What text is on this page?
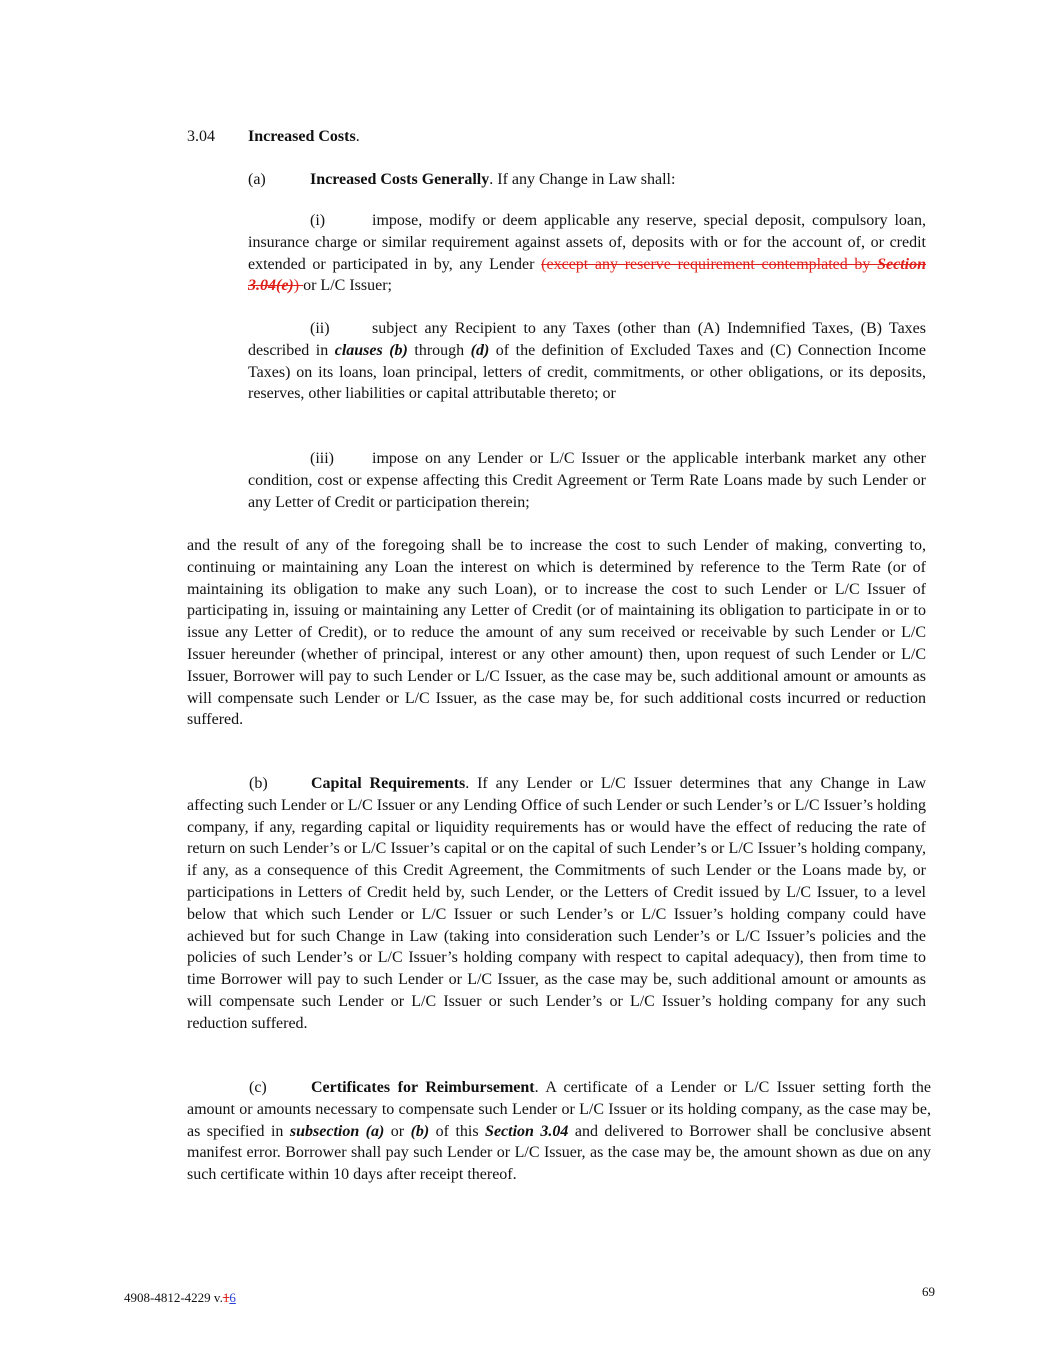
3.04 Increased Costs.
(a)	Increased Costs Generally. If any Change in Law shall:
(i)	impose, modify or deem applicable any reserve, special deposit, compulsory loan, insurance charge or similar requirement against assets of, deposits with or for the account of, or credit extended or participated in by, any Lender (except any reserve requirement contemplated by Section 3.04(e)) or L/C Issuer;
(ii)	subject any Recipient to any Taxes (other than (A) Indemnified Taxes, (B) Taxes described in clauses (b) through (d) of the definition of Excluded Taxes and (C) Connection Income Taxes) on its loans, loan principal, letters of credit, commitments, or other obligations, or its deposits, reserves, other liabilities or capital attributable thereto; or
(iii) impose on any Lender or L/C Issuer or the applicable interbank market any other condition, cost or expense affecting this Credit Agreement or Term Rate Loans made by such Lender or any Letter of Credit or participation therein;
and the result of any of the foregoing shall be to increase the cost to such Lender of making, converting to, continuing or maintaining any Loan the interest on which is determined by reference to the Term Rate (or of maintaining its obligation to make any such Loan), or to increase the cost to such Lender or L/C Issuer of participating in, issuing or maintaining any Letter of Credit (or of maintaining its obligation to participate in or to issue any Letter of Credit), or to reduce the amount of any sum received or receivable by such Lender or L/C Issuer hereunder (whether of principal, interest or any other amount) then, upon request of such Lender or L/C Issuer, Borrower will pay to such Lender or L/C Issuer, as the case may be, such additional amount or amounts as will compensate such Lender or L/C Issuer, as the case may be, for such additional costs incurred or reduction suffered.
(b)	Capital Requirements. If any Lender or L/C Issuer determines that any Change in Law affecting such Lender or L/C Issuer or any Lending Office of such Lender or such Lender’s or L/C Issuer’s holding company, if any, regarding capital or liquidity requirements has or would have the effect of reducing the rate of return on such Lender’s or L/C Issuer’s capital or on the capital of such Lender’s or L/C Issuer’s holding company, if any, as a consequence of this Credit Agreement, the Commitments of such Lender or the Loans made by, or participations in Letters of Credit held by, such Lender, or the Letters of Credit issued by L/C Issuer, to a level below that which such Lender or L/C Issuer or such Lender’s or L/C Issuer’s holding company could have achieved but for such Change in Law (taking into consideration such Lender’s or L/C Issuer’s policies and the policies of such Lender’s or L/C Issuer’s holding company with respect to capital adequacy), then from time to time Borrower will pay to such Lender or L/C Issuer, as the case may be, such additional amount or amounts as will compensate such Lender or L/C Issuer or such Lender’s or L/C Issuer’s holding company for any such reduction suffered.
(c)	Certificates for Reimbursement. A certificate of a Lender or L/C Issuer setting forth the amount or amounts necessary to compensate such Lender or L/C Issuer or its holding company, as the case may be, as specified in subsection (a) or (b) of this Section 3.04 and delivered to Borrower shall be conclusive absent manifest error. Borrower shall pay such Lender or L/C Issuer, as the case may be, the amount shown as due on any such certificate within 10 days after receipt thereof.
4908-4812-4229 v.16	69
